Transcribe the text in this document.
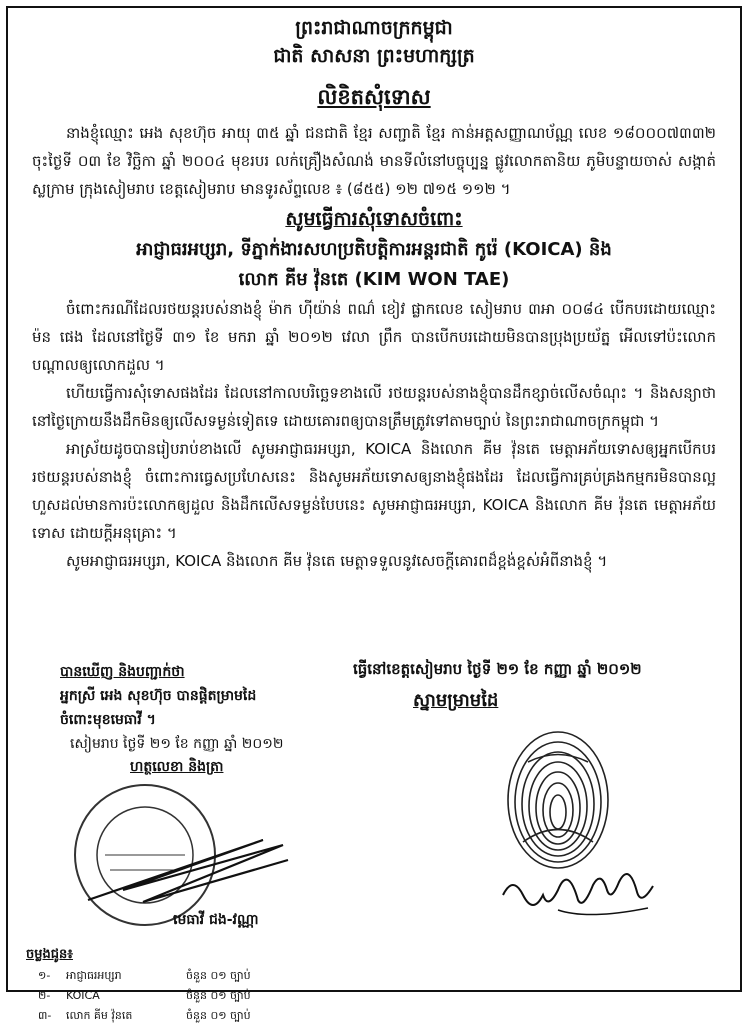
ព្រះរាជាណាចក្រកម្ពុជា
ជាតិ សាសនា ព្រះមហាក្សត្រ
លិខិតសុំទោស
នាងខ្ញុំឈ្មោះ អេង សុខហ៊ុច អាយុ ៣៥ ឆ្នាំ ជនជាតិ ខ្មែរ សញ្ជាតិ ខ្មែរ កាន់អត្តសញ្ញាណប័ណ្ណ លេខ ១៨០០០៧៣៣២ ចុះថ្ងៃទី ០៣ ខែ វិច្ឆិកា ឆ្នាំ ២០០៤ មុខរបរ លក់គ្រឿងសំណង់ មានទីលំនៅបច្ចុប្បន្ន ផ្លូវលោកតានិយ ភូមិបន្ទាយចាស់ សង្កាត់ស្លក្រាម ក្រុងសៀមរាប ខេត្តសៀមរាប មានទូរស័ព្ទលេខ ៖ (៨៥៥) ១២ ៧១៥ ១១២ ។
សូមធ្វើការសុំទោសចំពោះ
អាជ្ញាធរអប្សរា, ទីភ្នាក់ងារសហប្រតិបត្តិការអន្តរជាតិ កូរ៉េ (KOICA) និង
លោក គីម វ៉ុនតេ (KIM WON TAE)
ចំពោះករណីដែលរថយន្តរបស់នាងខ្ញុំ ម៉ាក ហ៊ីយ៉ាន់ ពណ៌ ខៀវ ផ្លាកលេខ សៀមរាប ៣អា ០០៨៤ បើកបរដោយឈ្មោះ ម៉ន ផេង ដែលនៅថ្ងៃទី ៣១ ខែ មករា ឆ្នាំ ២០១២ វេលា ព្រឹក បានបើកបរដោយមិនបានប្រុងប្រយ័ត្ន អើលទៅប៉ះលោក បណ្តាលឲ្យលោកដួល ។
ហើយធ្វើការសុំទោសផងដែរ ដែលនៅកាលបរិច្ឆេទខាងលើ រថយន្តរបស់នាងខ្ញុំបានដឹកខ្សាច់លើសចំណុះ ។ និងសន្យាថា នៅថ្ងៃក្រោយនឹងដឹកមិនឲ្យលើសទម្ងន់ទៀតទេ ដោយគោរពឲ្យបានត្រឹមត្រូវទៅតាមច្បាប់ នៃព្រះរាជាណាចក្រកម្ពុជា ។
អាស្រ័យដូចបានរៀបរាប់ខាងលើ សូមអាជ្ញាធរអប្សរា, KOICA និងលោក គីម វ៉ុនតេ មេត្តាអភ័យទោសឲ្យអ្នកបើកបររថយន្តរបស់នាងខ្ញុំ ចំពោះការធ្វេសប្រហែសនេះ និងសូមអភ័យទោសឲ្យនាងខ្ញុំផងដែរ ដែលធ្វើការគ្រប់គ្រងកម្មករមិនបានល្អ ហួសដល់មានការប៉ះលោកឲ្យដួល និងដឹកលើសទម្ងន់បែបនេះ សូមអាជ្ញាធរអប្សរា, KOICA និងលោក គីម វ៉ុនតេ មេត្តាអភ័យទោស ដោយក្តីអនុគ្រោះ ។
សូមអាជ្ញាធរអប្សរា, KOICA និងលោក គីម វ៉ុនតេ មេត្តាទទួលនូវសេចក្តីគោរពដ៏ខ្ពង់ខ្ពស់អំពីនាងខ្ញុំ ។
ធ្វើនៅខេត្តសៀមរាប ថ្ងៃទី ២១ ខែ កញ្ញា ឆ្នាំ ២០១២
ស្នាមម្រាមដៃ
បានឃើញ និងបញ្ជាក់ថា
អ្នកស្រី អេង សុខហ៊ុច បានផ្តិតម្រាមដៃ
ចំពោះមុខមេធាវី ។
សៀមរាប ថ្ងៃទី ២១ ខែ កញ្ញា ឆ្នាំ ២០១២
ហត្ថលេខា និងត្រា
មេធាវី ជង-វណ្ណា
ចម្លងជូន៖
១-	អាជ្ញាធរអប្សរា	ចំនួន ០១ ច្បាប់
២-	KOICA	ចំនួន ០១ ច្បាប់
៣-	លោក គីម វ៉ុនតេ	ចំនួន ០១ ច្បាប់
